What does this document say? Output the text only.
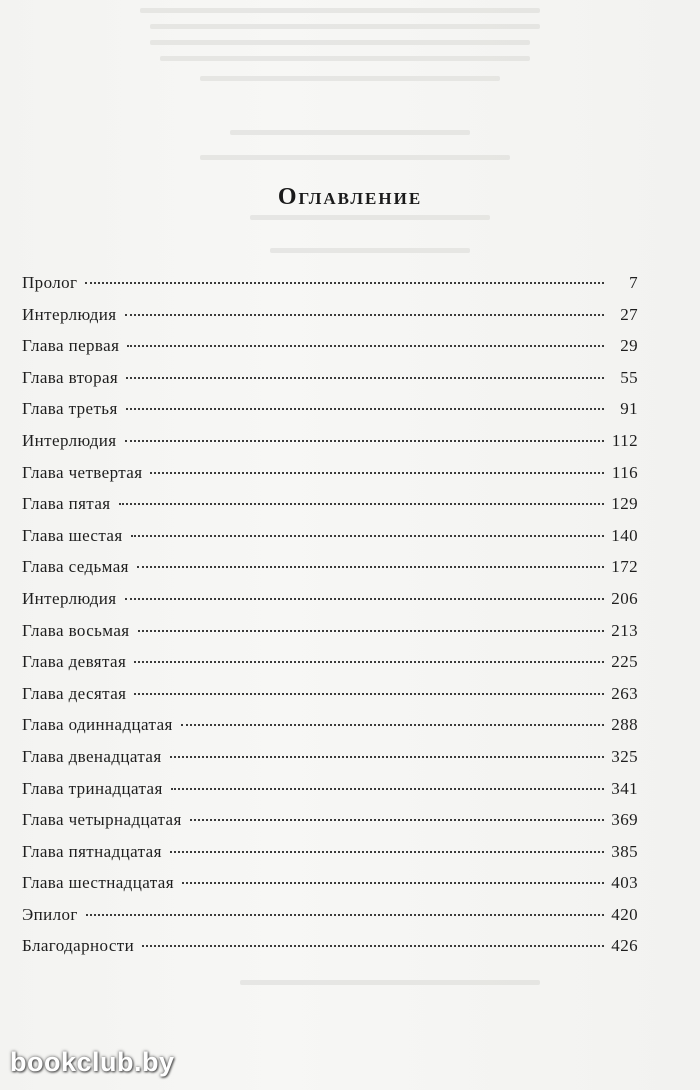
Оглавление
Пролог	7
Интерлюдия	27
Глава первая	29
Глава вторая	55
Глава третья	91
Интерлюдия	112
Глава четвертая	116
Глава пятая	129
Глава шестая	140
Глава седьмая	172
Интерлюдия	206
Глава восьмая	213
Глава девятая	225
Глава десятая	263
Глава одиннадцатая	288
Глава двенадцатая	325
Глава тринадцатая	341
Глава четырнадцатая	369
Глава пятнадцатая	385
Глава шестнадцатая	403
Эпилог	420
Благодарности	426
bookclub.by
